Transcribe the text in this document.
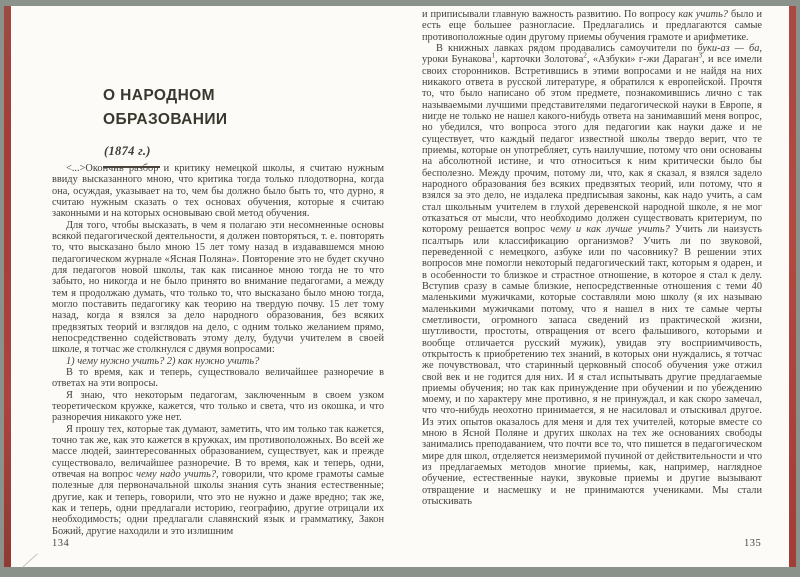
О НАРОДНОМ
ОБРАЗОВАНИИ
(1874 г.)

<...>Окончив разбор и критику немецкой школы, я считаю нужным ввиду высказанного мною, что критика тогда только плодотворна, когда она, осуждая, указывает на то, чем бы должно было быть то, что дурно, я считаю нужным сказать о тех основах обучения, которые я считаю законными и на которых основываю свой метод обучения.

Для того, чтобы высказать, в чем я полагаю эти несомненные основы всякой педагогической деятельности, я должен повторяться, т. е. повторять то, что высказано было мною 15 лет тому назад в издававшемся мною педагогическом журнале «Ясная Поляна». Повторение это не будет скучно для педагогов новой школы, так как писанное мною тогда не то что забыто, но никогда и не было принято во внимание педагогами, а между тем я продолжаю думать, что только то, что высказано было мною тогда, могло поставить педагогику как теорию на твердую почву. 15 лет тому назад, когда я взялся за дело народного образования, без всяких предвзятых теорий и взглядов на дело, с одним только желанием прямо, непосредственно содействовать этому делу, будучи учителем в своей школе, я тотчас же столкнулся с двумя вопросами:

1) чему нужно учить? 2) как нужно учить?

В то время, как и теперь, существовало величайшее разноречие в ответах на эти вопросы.

Я знаю, что некоторым педагогам, заключенным в своем узком теоретическом кружке, кажется, что только и света, что из окошка, и что разноречия никакого уже нет.

Я прошу тех, которые так думают, заметить, что им только так кажется, точно так же, как это кажется в кружках, им противоположных. Во всей же массе людей, заинтересованных образованием, существует, как и прежде существовало, величайшее разноречие. В то время, как и теперь, одни, отвечая на вопрос чему надо учить?, говорили, что кроме грамоты самые полезные для первоначальной школы знания суть знания естественные; другие, как и теперь, говорили, что это не нужно и даже вредно; так же, как и теперь, одни предлагали историю, географию, другие отрицали их необходимость; одни предлагали славянский язык и грамматику, Закон Божий, другие находили и это излишним

и приписывали главную важность развитию. По вопросу как учить? было и есть еще большее разногласие. Предлагались и предлагаются самые противоположные один другому приемы обучения грамоте и арифметике.

В книжных лавках рядом продавались самоучители по буки-аз — ба, уроки Бунакова$^1$, карточки Золотова$^2$, «Азбуки» г-жи Дараган$^3$, и все имели своих сторонников. Встретившись в этими вопросами и не найдя на них никакого ответа в русской литературе, я обратился к европейской. Прочтя то, что было написано об этом предмете, познакомившись лично с так называемыми лучшими представителями педагогической науки в Европе, я нигде не только не нашел какого-нибудь ответа на занимавший меня вопрос, но убедился, что вопроса этого для педагогии как науки даже и не существует, что каждый педагог известной школы твердо верит, что те приемы, которые он употребляет, суть наилучшие, потому что они основаны на абсолютной истине, и что относиться к ним критически было бы бесполезно. Между прочим, потому ли, что, как я сказал, я взялся задело народного образования без всяких предвзятых теорий, или потому, что я взялся за это дело, не издалека предписывая законы, как надо учить, а сам стал школьным учителем в глухой деревенской народной школе, я не мог отказаться от мысли, что необходимо должен существовать критериум, по которому решается вопрос чему и как лучше учить? Учить ли наизусть псалтырь или классификацию организмов? Учить ли по звуковой, переведенной с немецкого, азбуке или по часовнику? В решении этих вопросов мне помогли некоторый педагогический такт, которым я одарен, и в особенности то близкое и страстное отношение, в которое я стал к делу. Вступив сразу в самые близкие, непосредственные отношения с теми 40 маленькими мужичками, которые составляли мою школу (я их называю маленькими мужичками потому, что я нашел в них те самые черты сметливости, огромного запаса сведений из практической жизни, шутливости, простоты, отвращения от всего фальшивого, которыми и вообще отличается русский мужик), увидав эту восприимчивость, открытость к приобретению тех знаний, в которых они нуждались, я тотчас же почувствовал, что старинный церковный способ обучения уже отжил свой век и не годится для них. И я стал испытывать другие предлагаемые приемы обучения; но так как принуждение при обучении и по убеждению моему, и по характеру мне противно, я не принуждал, и как скоро замечал, что что-нибудь неохотно принимается, я не насиловал и отыскивал другое. Из этих опытов оказалось для меня и для тех учителей, которые вместе со мною в Ясной Поляне и других школах на тех же основаниях свободы занимались преподаванием, что почти все то, что пишется в педагогическом мире для школ, отделяется неизмеримой пучиной от действительности и что из предлагаемых методов многие приемы, как, например, наглядное обучение, естественные науки, звуковые приемы и другие вызывают отвращение и насмешку и не принимаются учениками. Мы стали отыскивать

134	135
